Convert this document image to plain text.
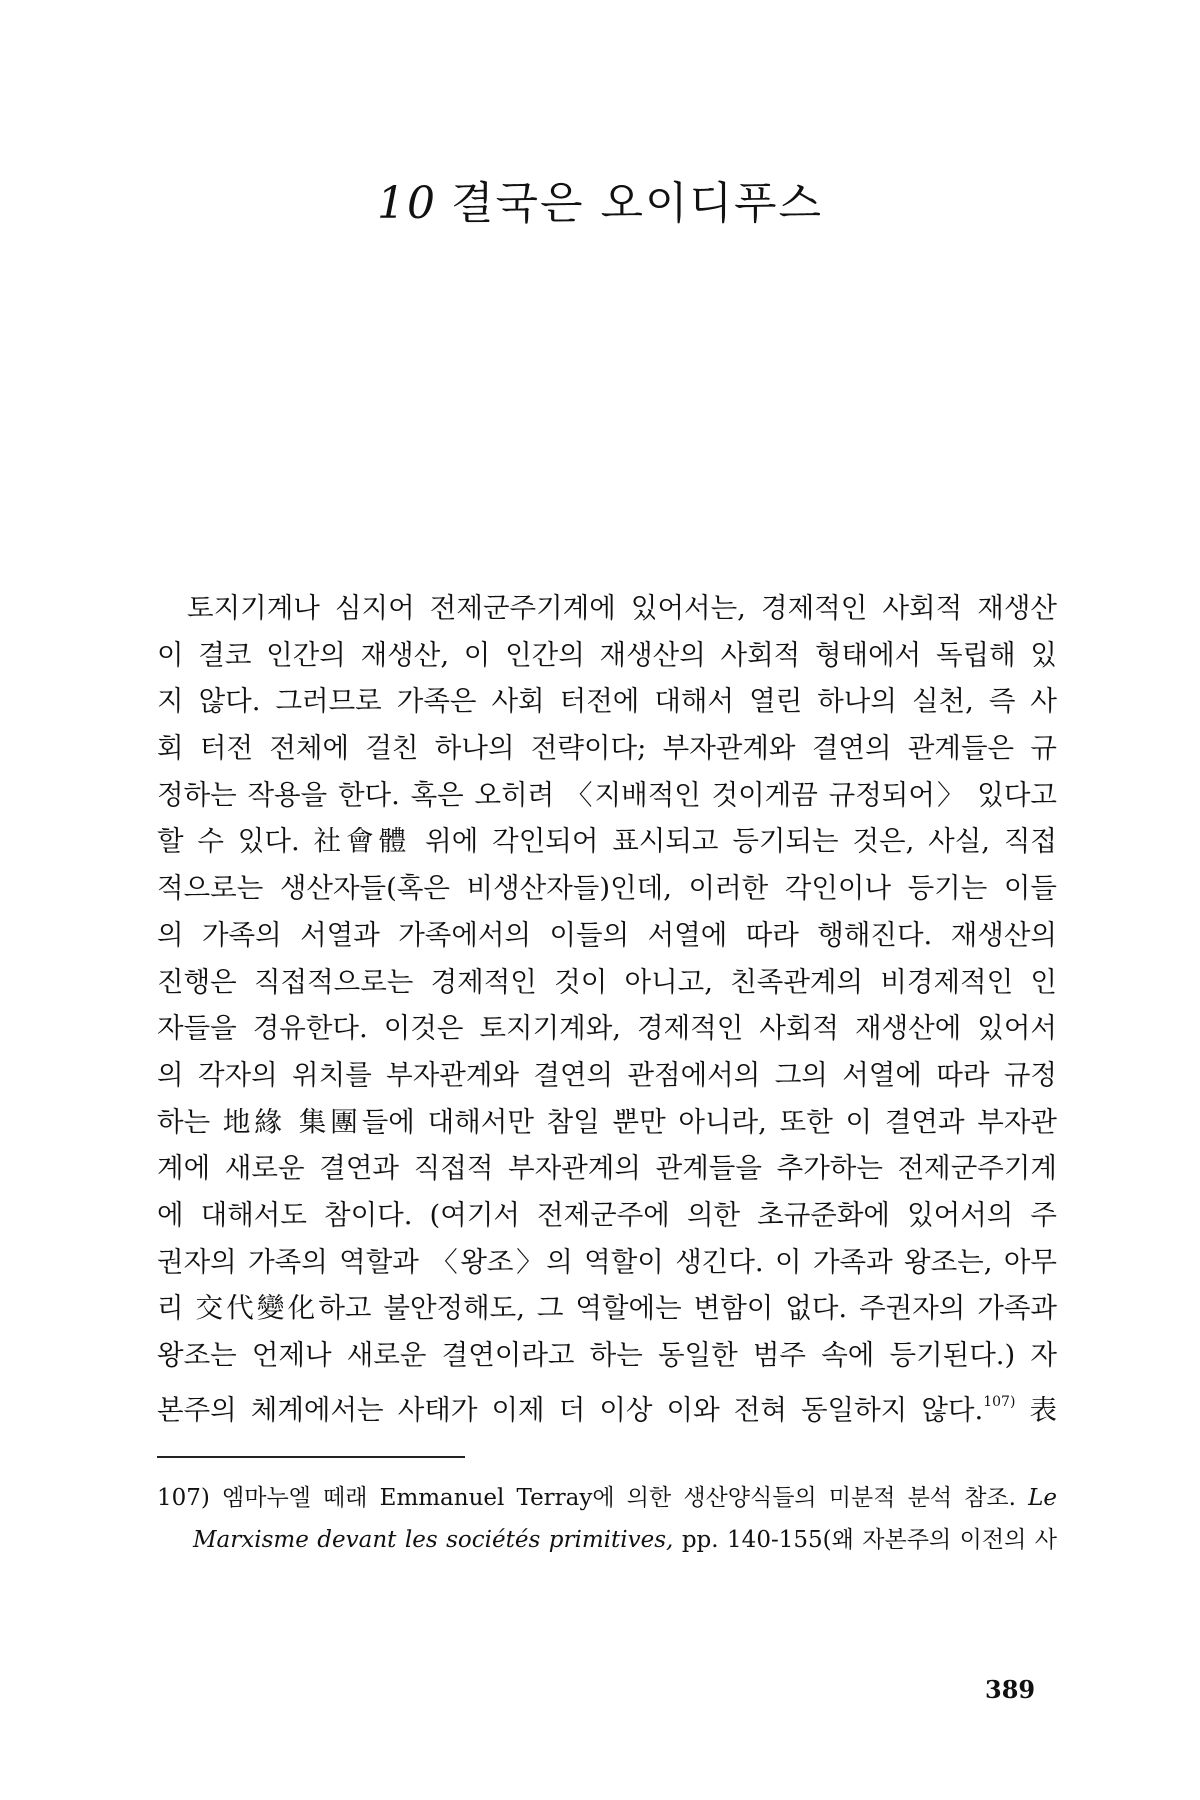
10 결국은 오이디푸스
토지기계나 심지어 전제군주기계에 있어서는, 경제적인 사회적 재생산
이 결코 인간의 재생산, 이 인간의 재생산의 사회적 형태에서 독립해 있
지 않다. 그러므로 가족은 사회 터전에 대해서 열린 하나의 실천, 즉 사
회 터전 전체에 걸친 하나의 전략이다; 부자관계와 결연의 관계들은 규
정하는 작용을 한다. 혹은 오히려 〈지배적인 것이게끔 규정되어〉 있다고
할 수 있다. 社會體 위에 각인되어 표시되고 등기되는 것은, 사실, 직접
적으로는 생산자들(혹은 비생산자들)인데, 이러한 각인이나 등기는 이들
의 가족의 서열과 가족에서의 이들의 서열에 따라 행해진다. 재생산의
진행은 직접적으로는 경제적인 것이 아니고, 친족관계의 비경제적인 인
자들을 경유한다. 이것은 토지기계와, 경제적인 사회적 재생산에 있어서
의 각자의 위치를 부자관계와 결연의 관점에서의 그의 서열에 따라 규정
하는 地緣 集團들에 대해서만 참일 뿐만 아니라, 또한 이 결연과 부자관
계에 새로운 결연과 직접적 부자관계의 관계들을 추가하는 전제군주기계
에 대해서도 참이다. (여기서 전제군주에 의한 초규준화에 있어서의 주
권자의 가족의 역할과 〈왕조〉의 역할이 생긴다. 이 가족과 왕조는, 아무
리 交代變化하고 불안정해도, 그 역할에는 변함이 없다. 주권자의 가족과
왕조는 언제나 새로운 결연이라고 하는 동일한 범주 속에 등기된다.) 자
본주의 체계에서는 사태가 이제 더 이상 이와 전혀 동일하지 않다.$^{107)}$ 表
107) 엠마누엘 떼래 Emmanuel Terray에 의한 생산양식들의 미분적 분석 참조. Le
Marxisme devant les sociétés primitives, pp. 140-155(왜 자본주의 이전의 사
389
